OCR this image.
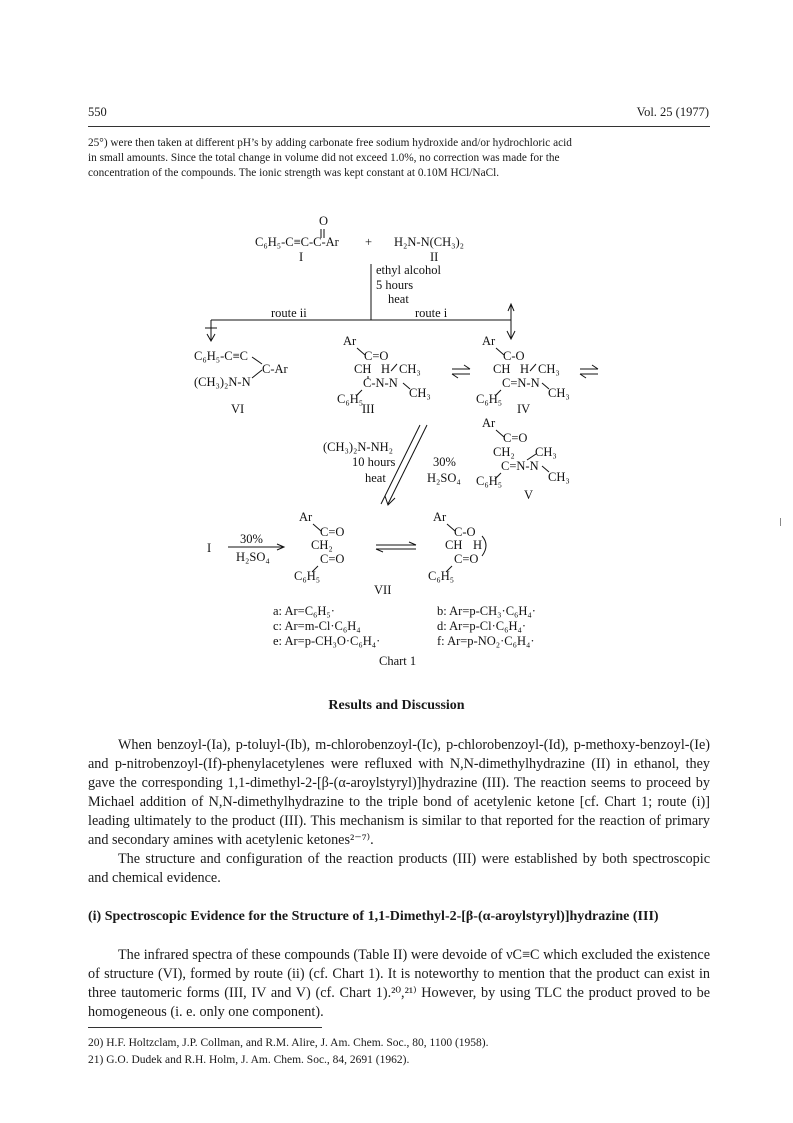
550	Vol. 25 (1977)
25°) were then taken at different pH’s by adding carbonate free sodium hydroxide and/or hydrochloric acid
in small amounts. Since the total change in volume did not exceed 1.0%, no correction was made for the
concentration of the compounds. The ionic strength was kept constant at 0.10M HCl/NaCl.
O
C₆H₅-C≡C-C-Ar + H₂N-N(CH₃)₂
I	II
ethyl alcohol
5 hours
heat
route ii	route i
C₆H₅-C≡C
C-Ar
(CH₃)₂N-N
VI
Ar
C=O
CH H CH₃
C-N-N
CH₃
C₆H₅
III
Ar
C-O
CH H CH₃
C=N-N
CH₃
C₆H₅
IV
Ar
C=O
CH₂ CH₃
C=N-N
CH₃
C₆H₅
V
(CH₃)₂N-NH₂
10 hours
heat
30%
H₂SO₄
I
30%
H₂SO₄
Ar
C=O
CH₂
C=O
C₆H₅
Ar
C-O
CH H
C=O
C₆H₅
VII
a: Ar=C₆H₅·	b: Ar=p-CH₃·C₆H₄·
c: Ar=m-Cl·C₆H₄	d: Ar=p-Cl·C₆H₄·
e: Ar=p-CH₃O·C₆H₄·	f: Ar=p-NO₂·C₆H₄·
Chart 1
Results and Discussion

When benzoyl-(Ia), p-toluyl-(Ib), m-chlorobenzoyl-(Ic), p-chlorobenzoyl-(Id), p-methoxy-benzoyl-(Ie) and p-nitrobenzoyl-(If)-phenylacetylenes were refluxed with N,N-dimethylhydrazine (II) in ethanol, they gave the corresponding 1,1-dimethyl-2-[β-(α-aroylstyryl)]hydrazine (III). The reaction seems to proceed by Michael addition of N,N-dimethylhydrazine to the triple bond of acetylenic ketone [cf. Chart 1; route (i)] leading ultimately to the product (III). This mechanism is similar to that reported for the reaction of primary and secondary amines with acetylenic ketones²⁻⁷⁾.

The structure and configuration of the reaction products (III) were established by both spectroscopic and chemical evidence.

(i) Spectroscopic Evidence for the Structure of 1,1-Dimethyl-2-[β-(α-aroylstyryl)]hydrazine (III)

The infrared spectra of these compounds (Table II) were devoide of νC≡C which excluded the existence of structure (VI), formed by route (ii) (cf. Chart 1). It is noteworthy to mention that the product can exist in three tautomeric forms (III, IV and V) (cf. Chart 1).²⁰,²¹⁾ However, by using TLC the product proved to be homogeneous (i. e. only one component).

20) H.F. Holtzclam, J.P. Collman, and R.M. Alire, J. Am. Chem. Soc., 80, 1100 (1958).
21) G.O. Dudek and R.H. Holm, J. Am. Chem. Soc., 84, 2691 (1962).
